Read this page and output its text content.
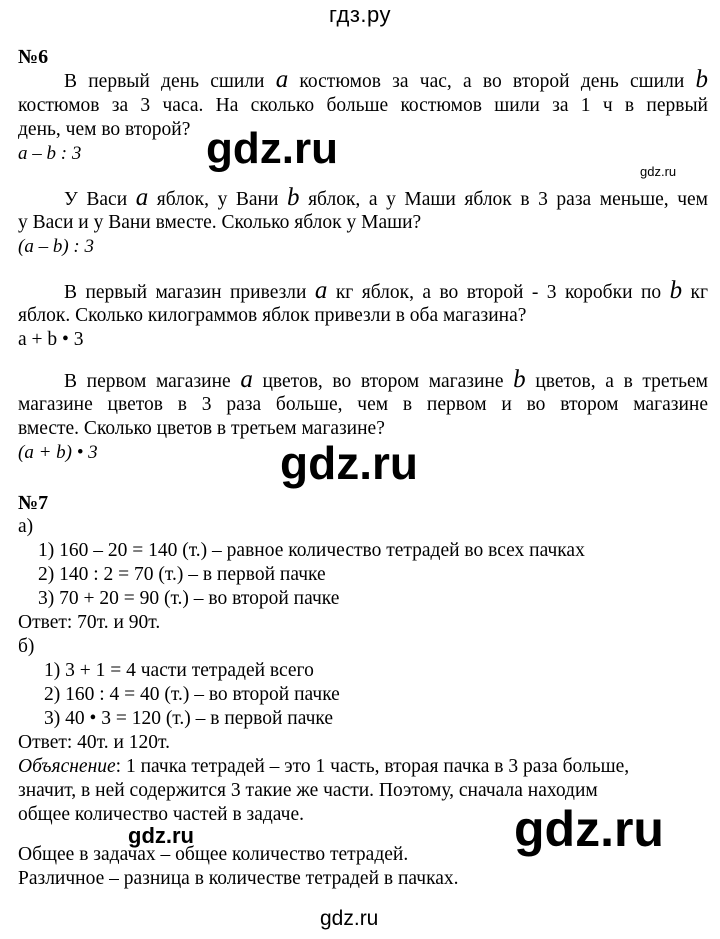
гдз.ру
№6
В первый день сшили a костюмов за час, а во второй день сшили b
костюмов за 3 часа. На сколько больше костюмов шили за 1 ч в первый
день, чем во второй?
a – b : 3
У Васи a яблок, у Вани b яблок, а у Маши яблок в 3 раза меньше, чем
у Васи и у Вани вместе. Сколько яблок у Маши?
(a – b) : 3
В первый магазин привезли a кг яблок, а во второй - 3 коробки по b кг
яблок. Сколько килограммов яблок привезли в оба магазина?
a + b • 3
В первом магазине a цветов, во втором магазине b цветов, а в третьем
магазине цветов в 3 раза больше, чем в первом и во втором магазине
вместе. Сколько цветов в третьем магазине?
(a + b) • 3
№7
а)
1) 160 – 20 = 140 (т.) – равное количество тетрадей во всех пачках
2) 140 : 2 = 70 (т.) – в первой пачке
3) 70 + 20 = 90 (т.) – во второй пачке
Ответ: 70т. и 90т.
б)
1) 3 + 1 = 4 части тетрадей всего
2) 160 : 4 = 40 (т.) – во второй пачке
3) 40 • 3 = 120 (т.) – в первой пачке
Ответ: 40т. и 120т.
Объяснение: 1 пачка тетрадей – это 1 часть, вторая пачка в 3 раза больше,
значит, в ней содержится 3 такие же части. Поэтому, сначала находим
общее количество частей в задаче.
Общее в задачах – общее количество тетрадей.
Различное – разница в количестве тетрадей в пачках.
gdz.ru	gdz.ru
gdz.ru
gdz.ru	gdz.ru
gdz.ru
